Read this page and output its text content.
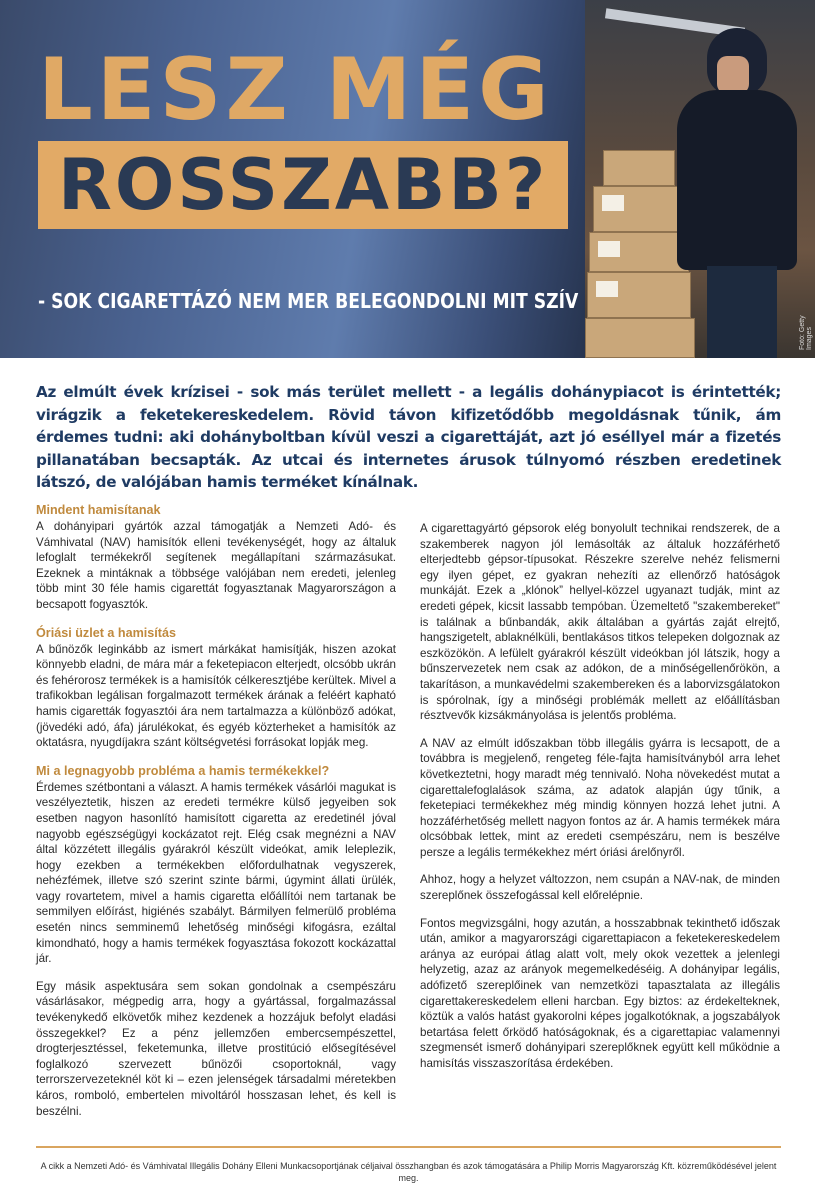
LESZ MÉG
ROSSZABB?
- SOK CIGARETTÁZÓ NEM MER BELEGONDOLNI MIT SZÍV
Fotó: Getty Images
Az elmúlt évek krízisei - sok más terület mellett - a legális dohánypiacot is érintették; virágzik a feketekereskedelem. Rövid távon kifizetődőbb megoldásnak tűnik, ám érdemes tudni: aki dohányboltban kívül veszi a cigarettáját, azt jó eséllyel már a fizetés pillanatában becsapták. Az utcai és internetes árusok túlnyomó részben eredetinek látszó, de valójában hamis terméket kínálnak.
Mindent hamisítanak

A dohányipari gyártók azzal támogatják a Nemzeti Adó- és Vámhivatal (NAV) hamisítók elleni tevékenységét, hogy az általuk lefoglalt termékekről segítenek megállapítani származásukat. Ezeknek a mintáknak a többsége valójában nem eredeti, jelenleg több mint 30 féle hamis cigarettát fogyasztanak Magyarországon a becsapott fogyasztók.

Óriási üzlet a hamisítás

A bűnözők leginkább az ismert márkákat hamisítják, hiszen azokat könnyebb eladni, de mára már a feketepiacon elterjedt, olcsóbb ukrán és fehérorosz termékek is a hamisítók célkeresztjébe kerültek. Mivel a trafikokban legálisan forgalmazott termékek árának a feléért kapható hamis cigaretták fogyasztói ára nem tartalmazza a különböző adókat, (jövedéki adó, áfa) járulékokat, és egyéb közterheket a hamisítók az oktatásra, nyugdíjakra szánt költségvetési forrásokat lopják meg.

Mi a legnagyobb probléma a hamis termékekkel?

Érdemes szétbontani a választ. A hamis termékek vásárlói magukat is veszélyeztetik, hiszen az eredeti termékre külső jegyeiben sok esetben nagyon hasonlító hamisított cigaretta az eredetinél jóval nagyobb egészségügyi kockázatot rejt. Elég csak megnézni a NAV által közzétett illegális gyárakról készült videókat, amik leleplezik, hogy ezekben a termékekben előfordulhatnak vegyszerek, nehézfémek, illetve szó szerint szinte bármi, úgymint állati ürülék, vagy rovartetem, mivel a hamis cigaretta előállítói nem tartanak be semmilyen előírást, higiénés szabályt. Bármilyen felmerülő probléma esetén nincs semminemű lehetőség minőségi kifogásra, ezáltal kimondható, hogy a hamis termékek fogyasztása fokozott kockázattal jár.

Egy másik aspektusára sem sokan gondolnak a csempészáru vásárlásakor, mégpedig arra, hogy a gyártással, forgalmazással tevékenykedő elkövetők mihez kezdenek a hozzájuk befolyt eladási összegekkel? Ez a pénz jellemzően embercsempészettel, drogterjesztéssel, feketemunka, illetve prostitúció elősegítésével foglalkozó szervezett bűnözői csoportoknál, vagy terrorszervezeteknél köt ki – ezen jelenségek társadalmi méretekben káros, romboló, embertelen mivoltáról hosszasan lehet, és kell is beszélni.

A cigarettagyártó gépsorok elég bonyolult technikai rendszerek, de a szakemberek nagyon jól lemásolták az általuk hozzáférhető elterjedtebb gépsor-típusokat. Részekre szerelve nehéz felismerni egy ilyen gépet, ez gyakran nehezíti az ellenőrző hatóságok munkáját. Ezek a „klónok” hellyel-közzel ugyanazt tudják, mint az eredeti gépek, kicsit lassabb tempóban. Üzemeltető "szakembereket" is találnak a bűnbandák, akik általában a gyártás zaját elrejtő, hangszigetelt, ablaknélküli, bentlakásos titkos telepeken dolgoznak az eszközökön. A lefülelt gyárakról készült videókban jól látszik, hogy a bűnszervezetek nem csak az adókon, de a minőségellenőrökön, a takarításon, a munkavédelmi szakembereken és a laborvizsgálatokon is spórolnak, így a minőségi problémák mellett az előállításban résztvevők kizsákmányolása is jelentős probléma.

A NAV az elmúlt időszakban több illegális gyárra is lecsapott, de a továbbra is megjelenő, rengeteg féle-fajta hamisítványból arra lehet következtetni, hogy maradt még tennivaló. Noha növekedést mutat a cigarettalefoglalások száma, az adatok alapján úgy tűnik, a feketepiaci termékekhez még mindig könnyen hozzá lehet jutni. A hozzáférhetőség mellett nagyon fontos az ár. A hamis termékek mára olcsóbbak lettek, mint az eredeti csempészáru, nem is beszélve persze a legális termékekhez mért óriási árelőnyről.

Ahhoz, hogy a helyzet változzon, nem csupán a NAV-nak, de minden szereplőnek összefogással kell előrelépnie.

Fontos megvizsgálni, hogy azután, a hosszabbnak tekinthető időszak után, amikor a magyarországi cigarettapiacon a feketekereskedelem aránya az európai átlag alatt volt, mely okok vezettek a jelenlegi helyzetig, azaz az arányok megemelkedéséig. A dohányipar legális, adófizető szereplőinek van nemzetközi tapasztalata az illegális cigarettakereskedelem elleni harcban. Egy biztos: az érdekelteknek, köztük a valós hatást gyakorolni képes jogalkotóknak, a jogszabályok betartása felett őrködő hatóságoknak, és a cigarettapiac valamennyi szegmensét ismerő dohányipari szereplőknek együtt kell működnie a hamisítás visszaszorítása érdekében.

A cikk a Nemzeti Adó- és Vámhivatal Illegális Dohány Elleni Munkacsoportjának céljaival összhangban és azok támogatására a Philip Morris Magyarország Kft. közreműködésével jelent meg.
